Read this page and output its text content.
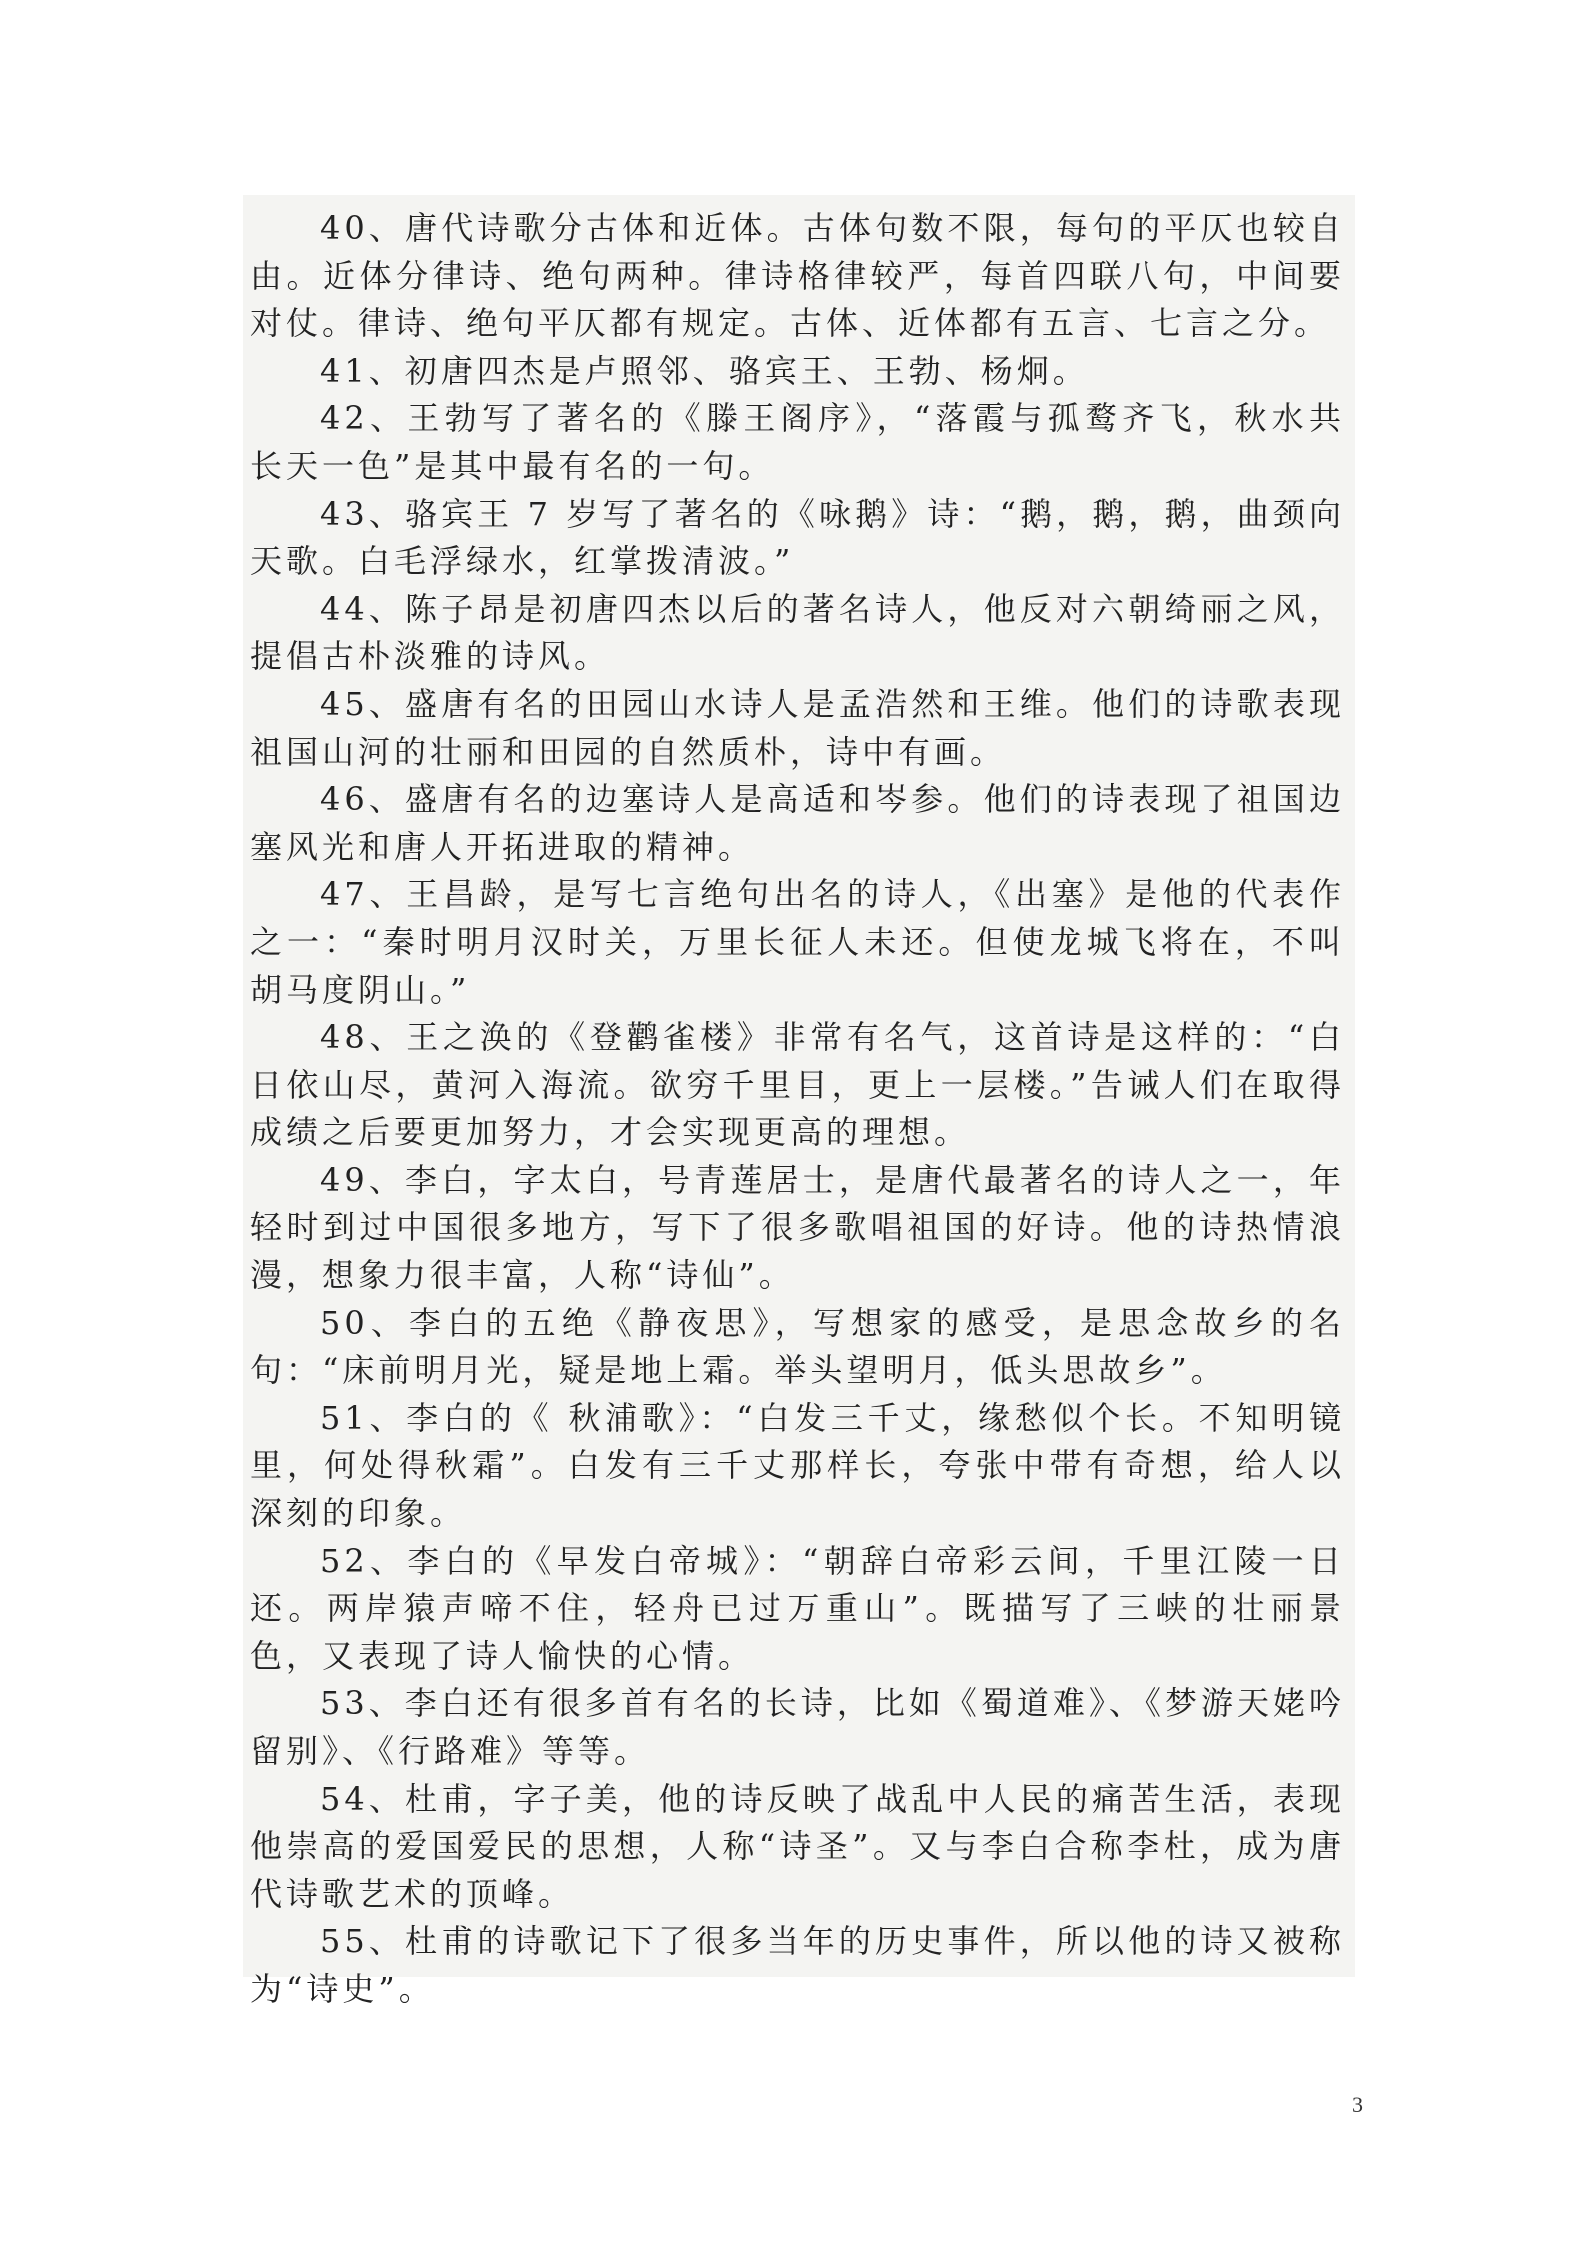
40、唐代诗歌分古体和近体。古体句数不限，每句的平仄也较自由。近体分律诗、绝句两种。律诗格律较严，每首四联八句，中间要对仗。律诗、绝句平仄都有规定。古体、近体都有五言、七言之分。

41、初唐四杰是卢照邻、骆宾王、王勃、杨炯。

42、王勃写了著名的《滕王阁序》，“落霞与孤鹜齐飞，秋水共长天一色”是其中最有名的一句。

43、骆宾王 7 岁写了著名的《咏鹅》诗：“鹅，鹅，鹅，曲颈向天歌。白毛浮绿水，红掌拨清波。”

44、陈子昂是初唐四杰以后的著名诗人，他反对六朝绮丽之风，提倡古朴淡雅的诗风。

45、盛唐有名的田园山水诗人是孟浩然和王维。他们的诗歌表现祖国山河的壮丽和田园的自然质朴，诗中有画。

46、盛唐有名的边塞诗人是高适和岑参。他们的诗表现了祖国边塞风光和唐人开拓进取的精神。

47、王昌龄，是写七言绝句出名的诗人，《出塞》是他的代表作之一：“秦时明月汉时关，万里长征人未还。但使龙城飞将在，不叫胡马度阴山。”

48、王之涣的《登鹳雀楼》非常有名气，这首诗是这样的：“白日依山尽，黄河入海流。欲穷千里目，更上一层楼。”告诫人们在取得成绩之后要更加努力，才会实现更高的理想。

49、李白，字太白，号青莲居士，是唐代最著名的诗人之一，年轻时到过中国很多地方，写下了很多歌唱祖国的好诗。他的诗热情浪漫，想象力很丰富，人称“诗仙”。

50、李白的五绝《静夜思》，写想家的感受，是思念故乡的名句：“床前明月光，疑是地上霜。举头望明月，低头思故乡”。

51、李白的《 秋浦歌》：“白发三千丈，缘愁似个长。不知明镜里，何处得秋霜”。白发有三千丈那样长，夸张中带有奇想，给人以深刻的印象。

52、李白的《早发白帝城》：“朝辞白帝彩云间，千里江陵一日还。两岸猿声啼不住，轻舟已过万重山”。既描写了三峡的壮丽景色，又表现了诗人愉快的心情。

53、李白还有很多首有名的长诗，比如《蜀道难》、《梦游天姥吟留别》、《行路难》等等。

54、杜甫，字子美，他的诗反映了战乱中人民的痛苦生活，表现他崇高的爱国爱民的思想，人称“诗圣”。又与李白合称李杜，成为唐代诗歌艺术的顶峰。

55、杜甫的诗歌记下了很多当年的历史事件，所以他的诗又被称为“诗史”。

3
